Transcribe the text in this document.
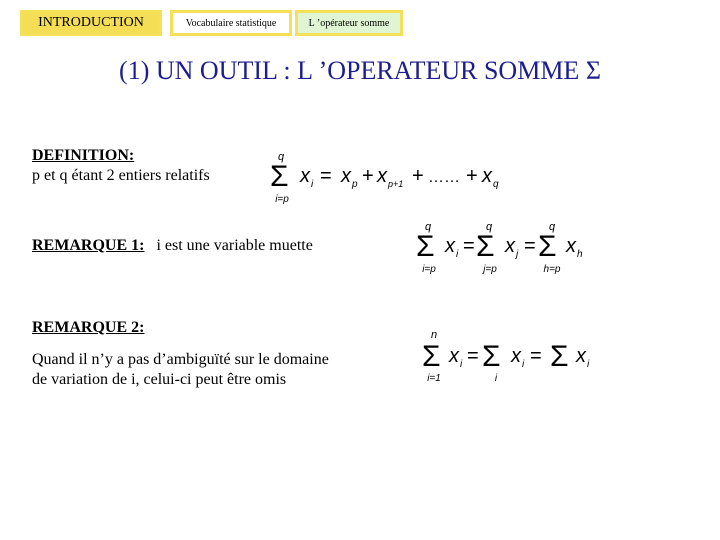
INTRODUCTION	Vocabulaire statistique	L ’opérateur somme
(1) UN OUTIL : L ’OPERATEUR SOMME Σ
DEFINITION:
p et q étant 2 entiers relatifs
q
Σ
i=p
x i = x p + x p+1 + …… + x q
REMARQUE 1: i est une variable muette
q
Σ
i=p
x i =
q
Σ
j=p
x j =
q
Σ
h=p
x h
REMARQUE 2:
Quand il n’y a pas d’ambiguïté sur le domaine
de variation de i, celui-ci peut être omis
n
Σ
i=1
x i = Σ
i
x i = Σ x i
